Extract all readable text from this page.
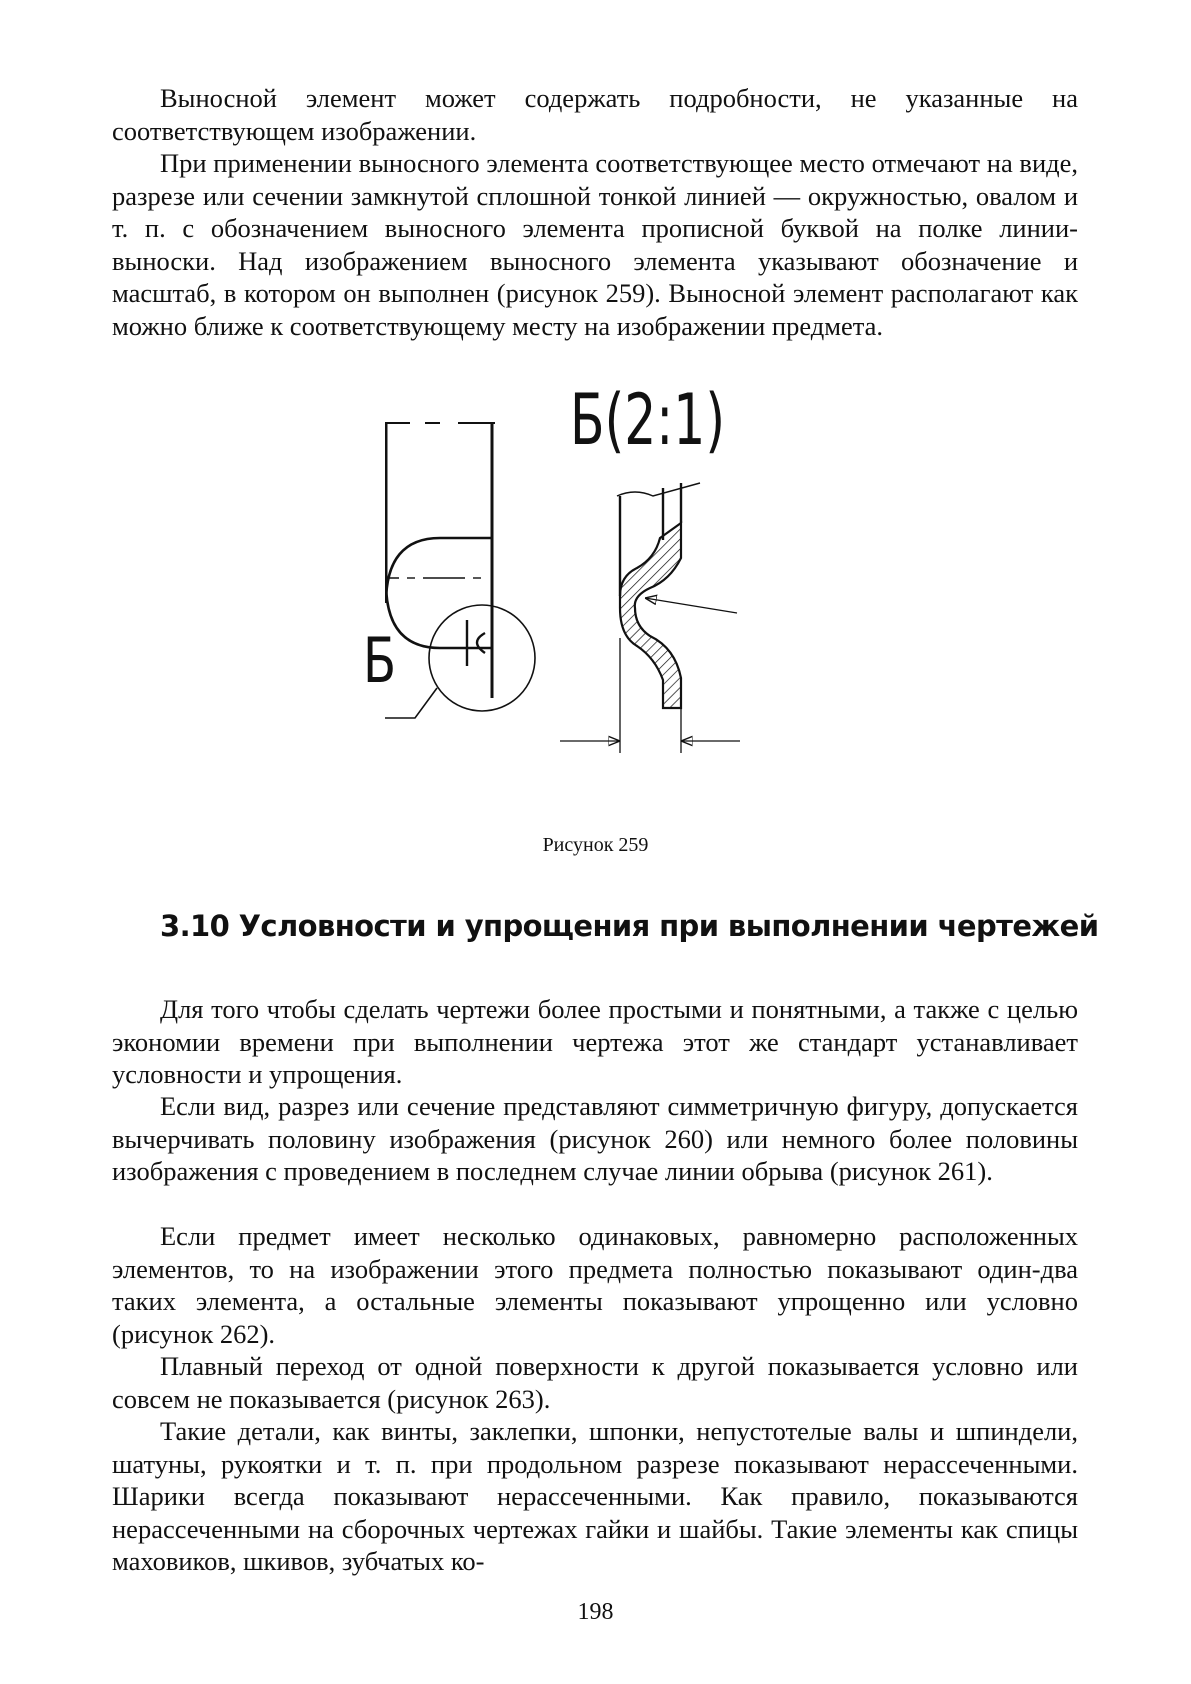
Выносной элемент может содержать подробности, не указанные на соответствующем изображении.

При применении выносного элемента соответствующее место отмечают на виде, разрезе или сечении замкнутой сплошной тонкой линией — окружностью, овалом и т. п. с обозначением выносного элемента прописной буквой на полке линии-выноски. Над изображением выносного элемента указывают обозначение и масштаб, в котором он выполнен (рисунок 259). Выносной элемент располагают как можно ближе к соответствующему месту на изображении предмета.

Б
Б(2:1)
Рисунок 259
3.10 Условности и упрощения при выполнении чертежей

Для того чтобы сделать чертежи более простыми и понятными, а также с целью экономии времени при выполнении чертежа этот же стандарт устанавливает условности и упрощения.

Если вид, разрез или сечение представляют симметричную фигуру, допускается вычерчивать половину изображения (рисунок 260) или немного более половины изображения с проведением в последнем случае линии обрыва (рисунок 261).

Если предмет имеет несколько одинаковых, равномерно расположенных элементов, то на изображении этого предмета полностью показывают один-два таких элемента, а остальные элементы показывают упрощенно или условно (рисунок 262).

Плавный переход от одной поверхности к другой показывается условно или совсем не показывается (рисунок 263).

Такие детали, как винты, заклепки, шпонки, непустотелые валы и шпиндели, шатуны, рукоятки и т. п. при продольном разрезе показывают нерассеченными. Шарики всегда показывают нерассеченными. Как правило, показываются нерассеченными на сборочных чертежах гайки и шайбы. Такие элементы как спицы маховиков, шкивов, зубчатых ко-

198
